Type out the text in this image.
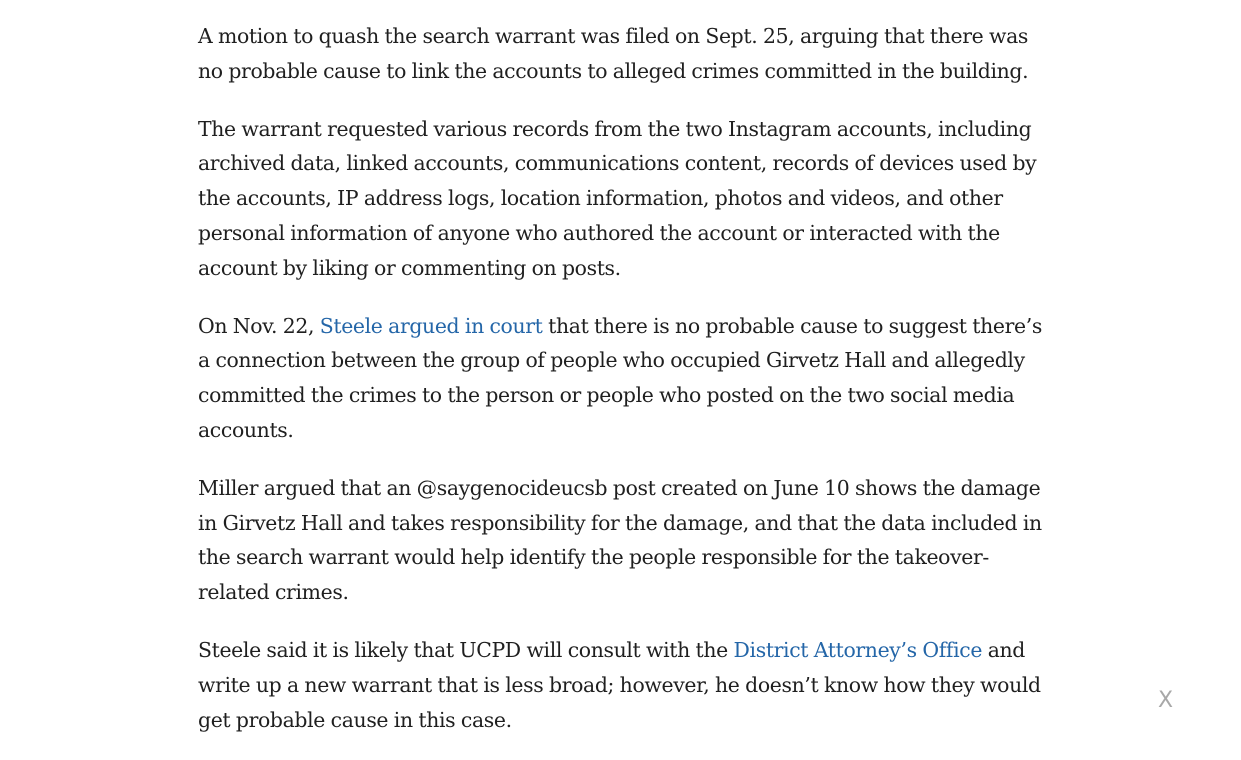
A motion to quash the search warrant was filed on Sept. 25, arguing that there was no probable cause to link the accounts to alleged crimes committed in the building.

The warrant requested various records from the two Instagram accounts, including archived data, linked accounts, communications content, records of devices used by the accounts, IP address logs, location information, photos and videos, and other personal information of anyone who authored the account or interacted with the account by liking or commenting on posts.

On Nov. 22, Steele argued in court that there is no probable cause to suggest there’s a connection between the group of people who occupied Girvetz Hall and allegedly committed the crimes to the person or people who posted on the two social media accounts.

Miller argued that an @saygenocideucsb post created on June 10 shows the damage in Girvetz Hall and takes responsibility for the damage, and that the data included in the search warrant would help identify the people responsible for the takeover-related crimes.

Steele said it is likely that UCPD will consult with the District Attorney’s Office and write up a new warrant that is less broad; however, he doesn’t know how they would get probable cause in this case.

X
